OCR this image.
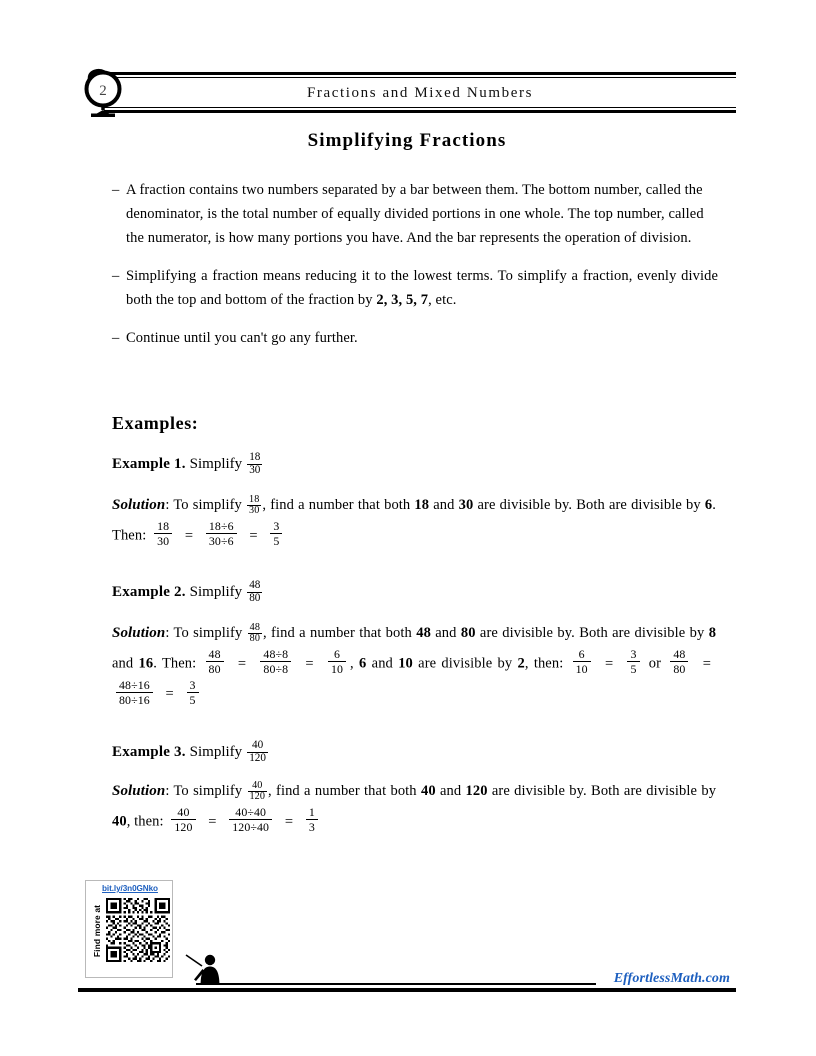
Fractions and Mixed Numbers
2
Simplifying Fractions
– A fraction contains two numbers separated by a bar between them. The bottom number, called the denominator, is the total number of equally divided portions in one whole. The top number, called the numerator, is how many portions you have. And the bar represents the operation of division.
– Simplifying a fraction means reducing it to the lowest terms. To simplify a fraction, evenly divide both the top and bottom of the fraction by 2, 3, 5, 7, etc.
– Continue until you can't go any further.
Examples:
Example 1. Simplify $\frac{18}{30}$
Solution: To simplify $\frac{18}{30}$ , find a number that both 18 and 30 are divisible by. Both are divisible by 6. Then: $\frac{18}{30} = \frac{18\div 6}{30\div 6} = \frac{3}{5}$
Example 2. Simplify $\frac{48}{80}$
Solution: To simplify $\frac{48}{80}$ , find a number that both 48 and 80 are divisible by. Both are divisible by 8 and 16. Then: $\frac{48}{80} = \frac{48\div 8}{80\div 8} = \frac{6}{10}$ , 6 and 10 are divisible by 2, then: $\frac{6}{10} = \frac{3}{5}$ or $\frac{48}{80}$ =
$\frac{48\div 16}{80\div 16} = \frac{3}{5}$
Example 3. Simplify $\frac{40}{120}$
Solution: To simplify $\frac{40}{120}$ , find a number that both 40 and 120 are divisible by. Both are divisible by 40, then: $\frac{40}{120} = \frac{40\div 40}{120\div 40} = \frac{1}{3}$
bit.ly/3n0GNko
Find more at
EffortlessMath.com
